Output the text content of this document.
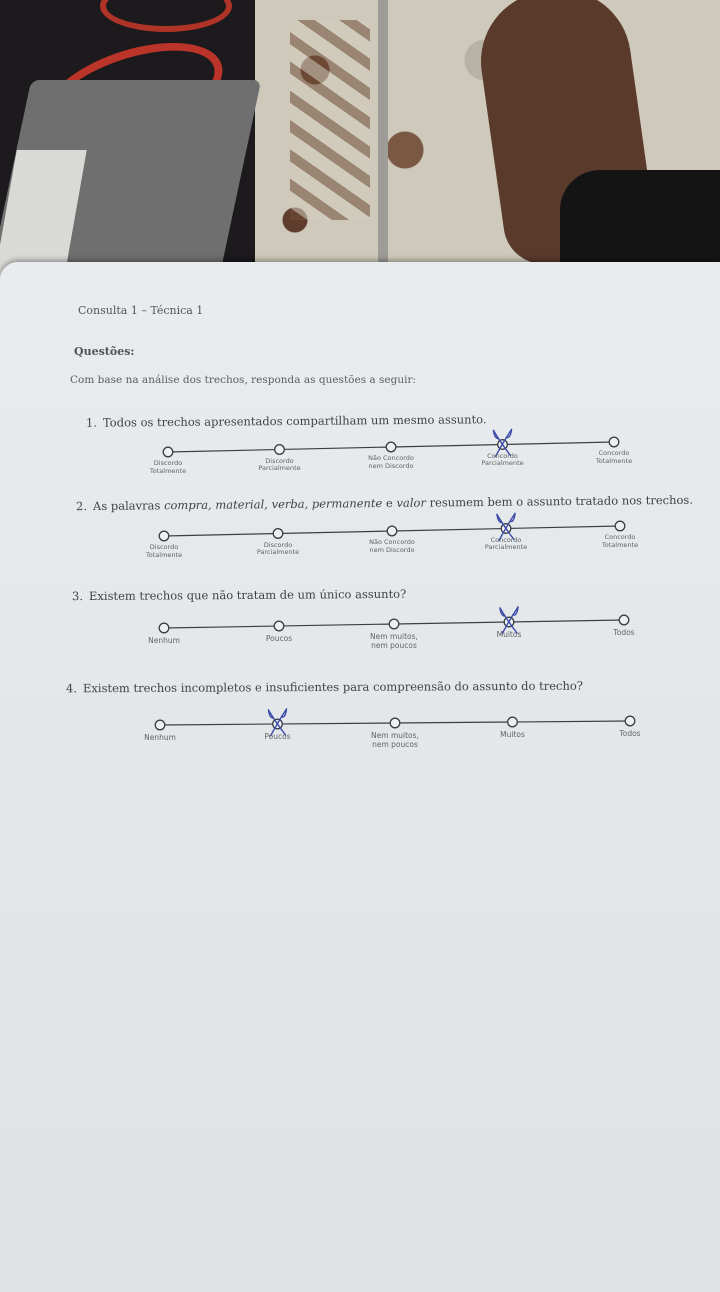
Consulta 1 – Técnica 1
Questões:
Com base na análise dos trechos, responda as questões a seguir:
1. Todos os trechos apresentados compartilham um mesmo assunto.
Discordo
Totalmente
Discordo
Parcialmente
Não Concordo
nem Discordo
Concordo
Parcialmente
Concordo
Totalmente
2. As palavras compra, material, verba, permanente e valor resumem bem o assunto tratado nos trechos.
Discordo
Totalmente
Discordo
Parcialmente
Não Concordo
nem Discordo
Concordo
Parcialmente
Concordo
Totalmente
3. Existem trechos que não tratam de um único assunto?
Nenhum	Poucos	Nem muitos,
nem poucos
Muitos	Todos
4. Existem trechos incompletos e insuficientes para compreensão do assunto do trecho?
Nenhum	Poucos	Nem muitos,
nem poucos
Muitos	Todos
